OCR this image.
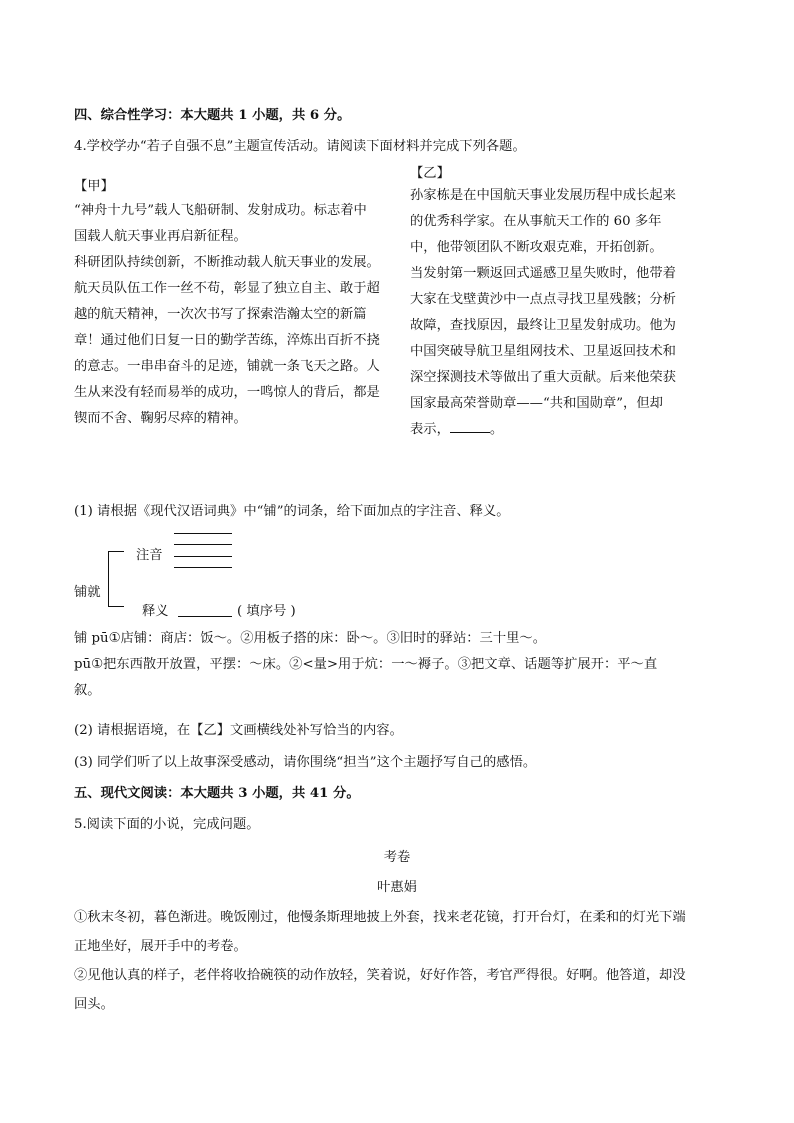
四、综合性学习：本大题共 1 小题，共 6 分。
4.学校学办“若子自强不息”主题宣传活动。请阅读下面材料并完成下列各题。
【甲】
“神舟十九号”载人飞船研制、发射成功。标志着中
国载人航天事业再启新征程。
科研团队持续创新，不断推动载人航天事业的发展。
航天员队伍工作一丝不苟，彰显了独立自主、敢于超
越的航天精神，一次次书写了探索浩瀚太空的新篇
章！通过他们日复一日的勤学苦练，淬炼出百折不挠
的意志。一串串奋斗的足迹，铺就一条飞天之路。人
生从来没有轻而易举的成功，一鸣惊人的背后，都是
锲而不舍、鞠躬尽瘁的精神。
【乙】
孙家栋是在中国航天事业发展历程中成长起来
的优秀科学家。在从事航天工作的 60 多年
中，他带领团队不断攻艰克难，开拓创新。
当发射第一颗返回式遥感卫星失败时，他带着
大家在戈壁黄沙中一点点寻找卫星残骸；分析
故障，查找原因，最终让卫星发射成功。他为
中国突破导航卫星组网技术、卫星返回技术和
深空探测技术等做出了重大贡献。后来他荣获
国家最高荣誉勋章——“共和国勋章”，但却
表示，	。
(1) 请根据《现代汉语词典》中“铺”的词条，给下面加点的字注音、释义。
铺就
注音
释义	( 填序号 )
铺 pū①店铺：商店：饭～。②用板子搭的床：卧～。③旧时的驿站：三十里～。
pū①把东西散开放置，平摆：～床。②<量>用于炕：一～褥子。③把文章、话题等扩展开：平～直
叙。
(2) 请根据语境，在【乙】文画横线处补写恰当的内容。
(3) 同学们听了以上故事深受感动，请你围绕“担当”这个主题抒写自己的感悟。
五、现代文阅读：本大题共 3 小题，共 41 分。
5.阅读下面的小说，完成问题。
考卷
叶惠娟
①秋末冬初，暮色渐进。晚饭刚过，他慢条斯理地披上外套，找来老花镜，打开台灯，在柔和的灯光下端
正地坐好，展开手中的考卷。
②见他认真的样子，老伴将收拾碗筷的动作放轻，笑着说，好好作答，考官严得很。好啊。他答道，却没
回头。
